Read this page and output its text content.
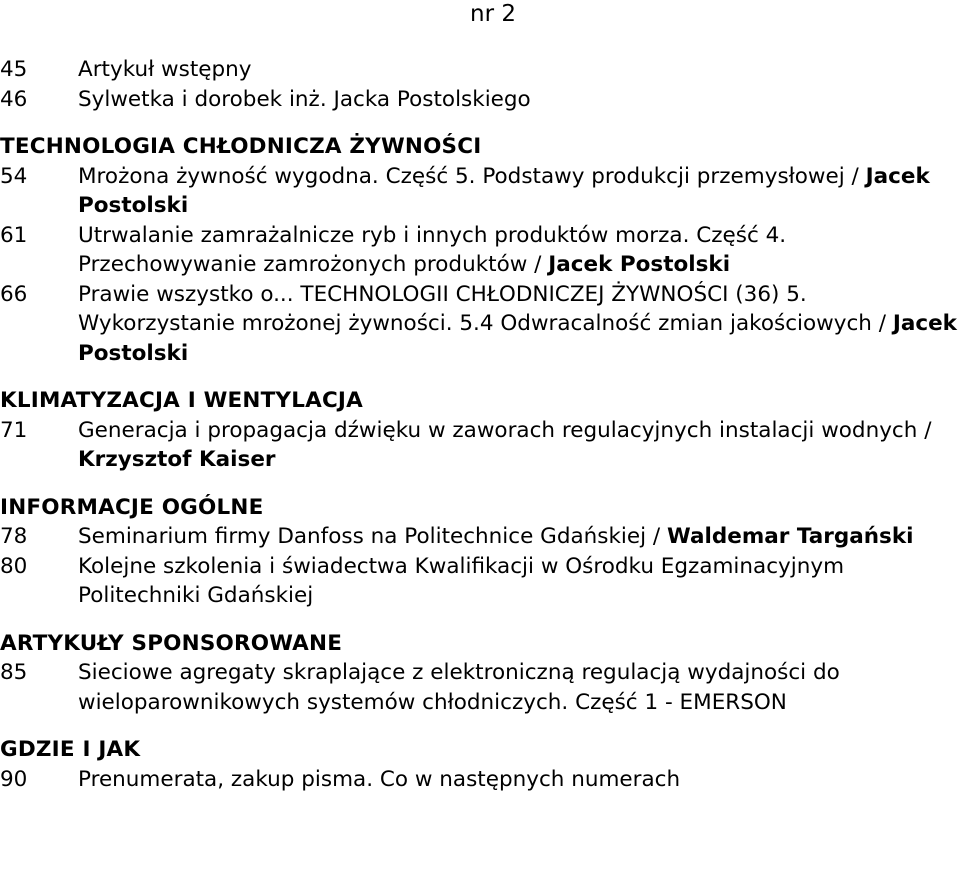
nr 2
45	Artykuł wstępny
46	Sylwetka i dorobek inż. Jacka Postolskiego
TECHNOLOGIA CHŁODNICZA ŻYWNOŚCI
54	Mrożona żywność wygodna. Część 5. Podstawy produkcji przemysłowej / Jacek Postolski
61	Utrwalanie zamrażalnicze ryb i innych produktów morza. Część 4. Przechowywanie zamrożonych produktów / Jacek Postolski
66	Prawie wszystko o... TECHNOLOGII CHŁODNICZEJ ŻYWNOŚCI (36) 5. Wykorzystanie mrożonej żywności. 5.4 Odwracalność zmian jakościowych / Jacek Postolski
KLIMATYZACJA I WENTYLACJA
71	Generacja i propagacja dźwięku w zaworach regulacyjnych instalacji wodnych / Krzysztof Kaiser
INFORMACJE OGÓLNE
78	Seminarium firmy Danfoss na Politechnice Gdańskiej / Waldemar Targański
80	Kolejne szkolenia i świadectwa Kwalifikacji w Ośrodku Egzaminacyjnym Politechniki Gdańskiej
ARTYKUŁY SPONSOROWANE
85	Sieciowe agregaty skraplające z elektroniczną regulacją wydajności do wieloparownikowych systemów chłodniczych. Część 1 - EMERSON
GDZIE I JAK
90	Prenumerata, zakup pisma. Co w następnych numerach
